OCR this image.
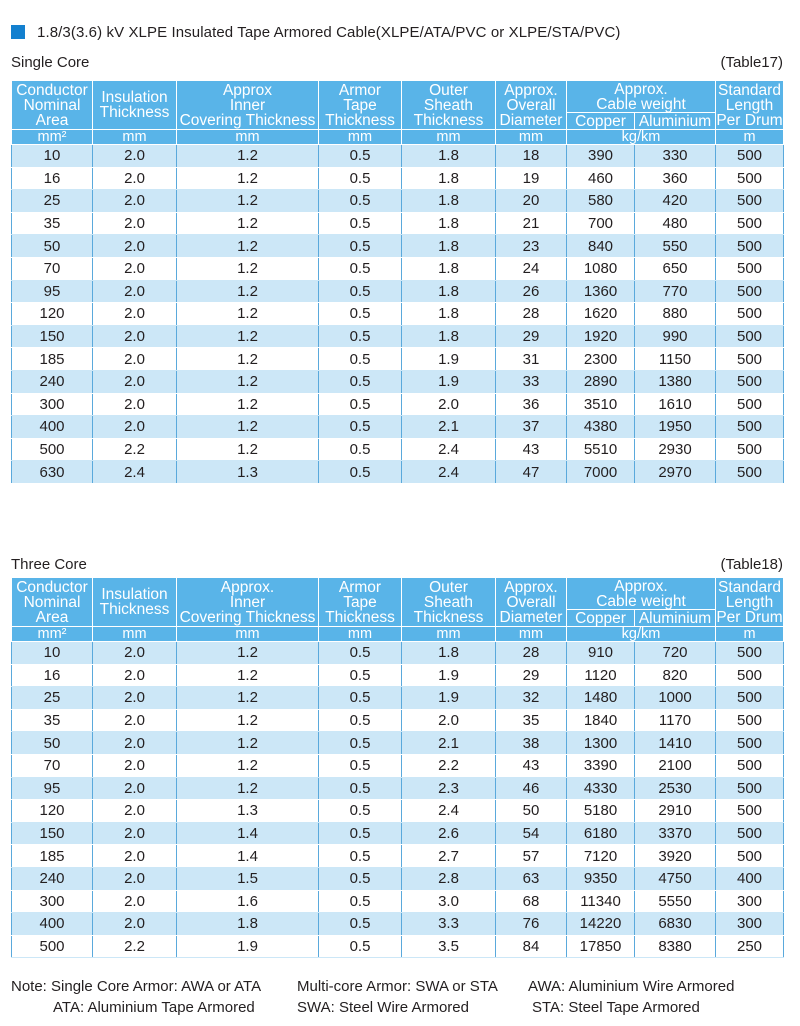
1.8/3(3.6) kV XLPE Insulated Tape Armored Cable(XLPE/ATA/PVC or XLPE/STA/PVC)
Single Core	(Table17)
Conductor
Nominal
Area	Insulation
Thickness	Approx
Inner
Covering Thickness	Armor
Tape
Thickness	Outer
Sheath
Thickness	Approx.
Overall
Diameter	Approx.
Cable weight		Standard
Length
Per Drum
						Copper	Aluminium	
mm²	mm	mm	mm	mm	mm	kg/km		m
10	2.0	1.2	0.5	1.8	18	390	330	500
16	2.0	1.2	0.5	1.8	19	460	360	500
25	2.0	1.2	0.5	1.8	20	580	420	500
35	2.0	1.2	0.5	1.8	21	700	480	500
50	2.0	1.2	0.5	1.8	23	840	550	500
70	2.0	1.2	0.5	1.8	24	1080	650	500
95	2.0	1.2	0.5	1.8	26	1360	770	500
120	2.0	1.2	0.5	1.8	28	1620	880	500
150	2.0	1.2	0.5	1.8	29	1920	990	500
185	2.0	1.2	0.5	1.9	31	2300	1150	500
240	2.0	1.2	0.5	1.9	33	2890	1380	500
300	2.0	1.2	0.5	2.0	36	3510	1610	500
400	2.0	1.2	0.5	2.1	37	4380	1950	500
500	2.2	1.2	0.5	2.4	43	5510	2930	500
630	2.4	1.3	0.5	2.4	47	7000	2970	500
Three Core	(Table18)
Conductor
Nominal
Area	Insulation
Thickness	Approx.
Inner
Covering Thickness	Armor
Tape
Thickness	Outer
Sheath
Thickness	Approx.
Overall
Diameter	Approx.
Cable weight		Standard
Length
Per Drum
						Copper	Aluminium	
mm²	mm	mm	mm	mm	mm	kg/km		m
10	2.0	1.2	0.5	1.8	28	910	720	500
16	2.0	1.2	0.5	1.9	29	1120	820	500
25	2.0	1.2	0.5	1.9	32	1480	1000	500
35	2.0	1.2	0.5	2.0	35	1840	1170	500
50	2.0	1.2	0.5	2.1	38	1300	1410	500
70	2.0	1.2	0.5	2.2	43	3390	2100	500
95	2.0	1.2	0.5	2.3	46	4330	2530	500
120	2.0	1.3	0.5	2.4	50	5180	2910	500
150	2.0	1.4	0.5	2.6	54	6180	3370	500
185	2.0	1.4	0.5	2.7	57	7120	3920	500
240	2.0	1.5	0.5	2.8	63	9350	4750	400
300	2.0	1.6	0.5	3.0	68	11340	5550	300
400	2.0	1.8	0.5	3.3	76	14220	6830	300
500	2.2	1.9	0.5	3.5	84	17850	8380	250
Note: Single Core Armor: AWA or ATA Multi-core Armor: SWA or STA AWA: Aluminium Wire Armored
ATA: Aluminium Tape Armored	SWA: Steel Wire Armored	STA: Steel Tape Armored
